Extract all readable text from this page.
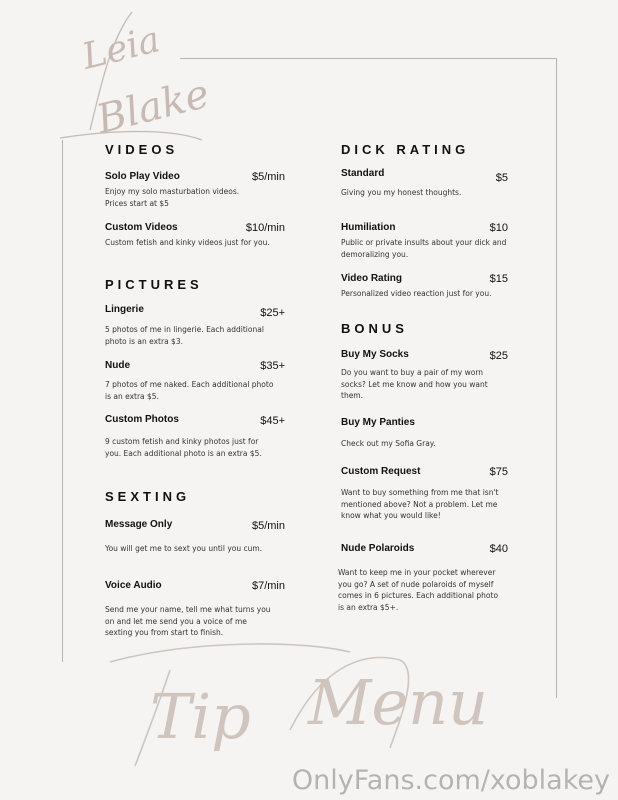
Leia
Blake
VIDEOS
Solo Play Video	$5/min
Enjoy my solo masturbation videos. Prices start at $5
Custom Videos	$10/min
Custom fetish and kinky videos just for you.
PICTURES
Lingerie	$25+
5 photos of me in lingerie. Each additional photo is an extra $3.
Nude	$35+
7 photos of me naked. Each additional photo is an extra $5.
Custom Photos	$45+
9 custom fetish and kinky photos just for you. Each additional photo is an extra $5.
SEXTING
Message Only	$5/min
You will get me to sext you until you cum.
Voice Audio	$7/min
Send me your name, tell me what turns you on and let me send you a voice of me sexting you from start to finish.
DICK RATING
Standard	$5
Giving you my honest thoughts.
Humiliation	$10
Public or private insults about your dick and demoralizing you.
Video Rating	$15
Personalized video reaction just for you.
BONUS
Buy My Socks	$25
Do you want to buy a pair of my worn socks? Let me know and how you want them.
Buy My Panties
Check out my Sofia Gray.
Custom Request	$75
Want to buy something from me that isn't mentioned above? Not a problem. Let me know what you would like!
Nude Polaroids	$40
Want to keep me in your pocket wherever you go? A set of nude polaroids of myself comes in 6 pictures. Each additional photo is an extra $5+.
Tip Menu
OnlyFans.com/xoblakey
